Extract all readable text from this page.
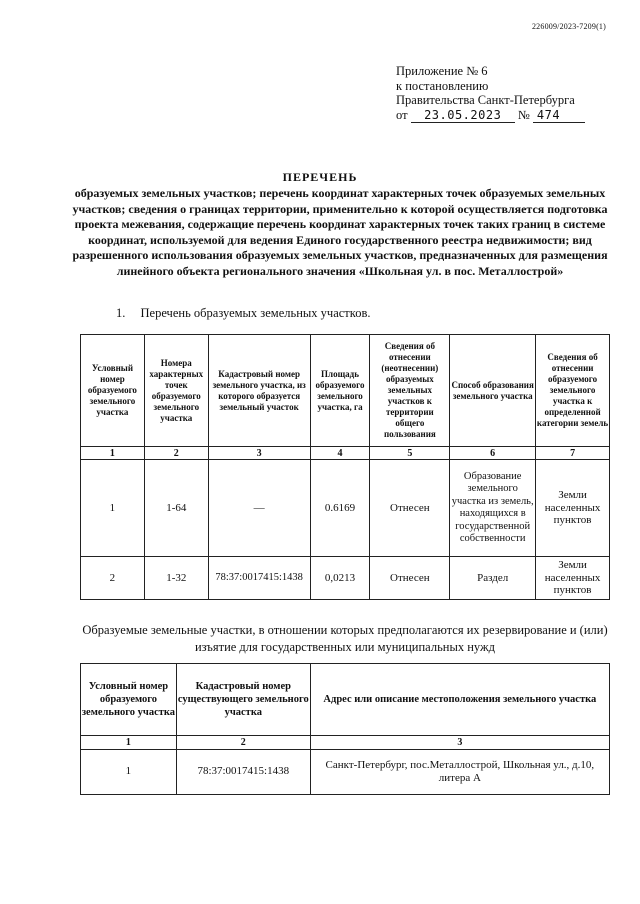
226009/2023-7209(1)
Приложение № 6
к постановлению
Правительства Санкт-Петербурга
от 23.05.2023 № 474
ПЕРЕЧЕНЬ
образуемых земельных участков; перечень координат характерных точек образуемых земельных участков; сведения о границах территории, применительно к которой осуществляется подготовка проекта межевания, содержащие перечень координат характерных точек таких границ в системе координат, используемой для ведения Единого государственного реестра недвижимости; вид разрешенного использования образуемых земельных участков, предназначенных для размещения линейного объекта регионального значения «Школьная ул. в пос. Металлострой»
1. Перечень образуемых земельных участков.
Условный номер образуемого земельного участка	Номера характерных точек образуемого земельного участка	Кадастровый номер земельного участка, из которого образуется земельный участок	Площадь образуемого земельного участка, га	Сведения об отнесении (неотнесении) образуемых земельных участков к территории общего пользования	Способ образования земельного участка	Сведения об отнесении образуемого земельного участка к определенной категории земель
1	2	3	4	5	6	7
1	1-64	—	0.6169	Отнесен	Образование земельного участка из земель, находящихся в государственной собственности	Земли населенных пунктов
2	1-32	78:37:0017415:1438	0,0213	Отнесен	Раздел	Земли населенных пунктов
Образуемые земельные участки, в отношении которых предполагаются их резервирование и (или) изъятие для государственных или муниципальных нужд
Условный номер образуемого земельного участка	Кадастровый номер существующего земельного участка	Адрес или описание местоположения земельного участка
1	2	3
1	78:37:0017415:1438	Санкт-Петербург, пос.Металлострой, Школьная ул., д.10, литера А
